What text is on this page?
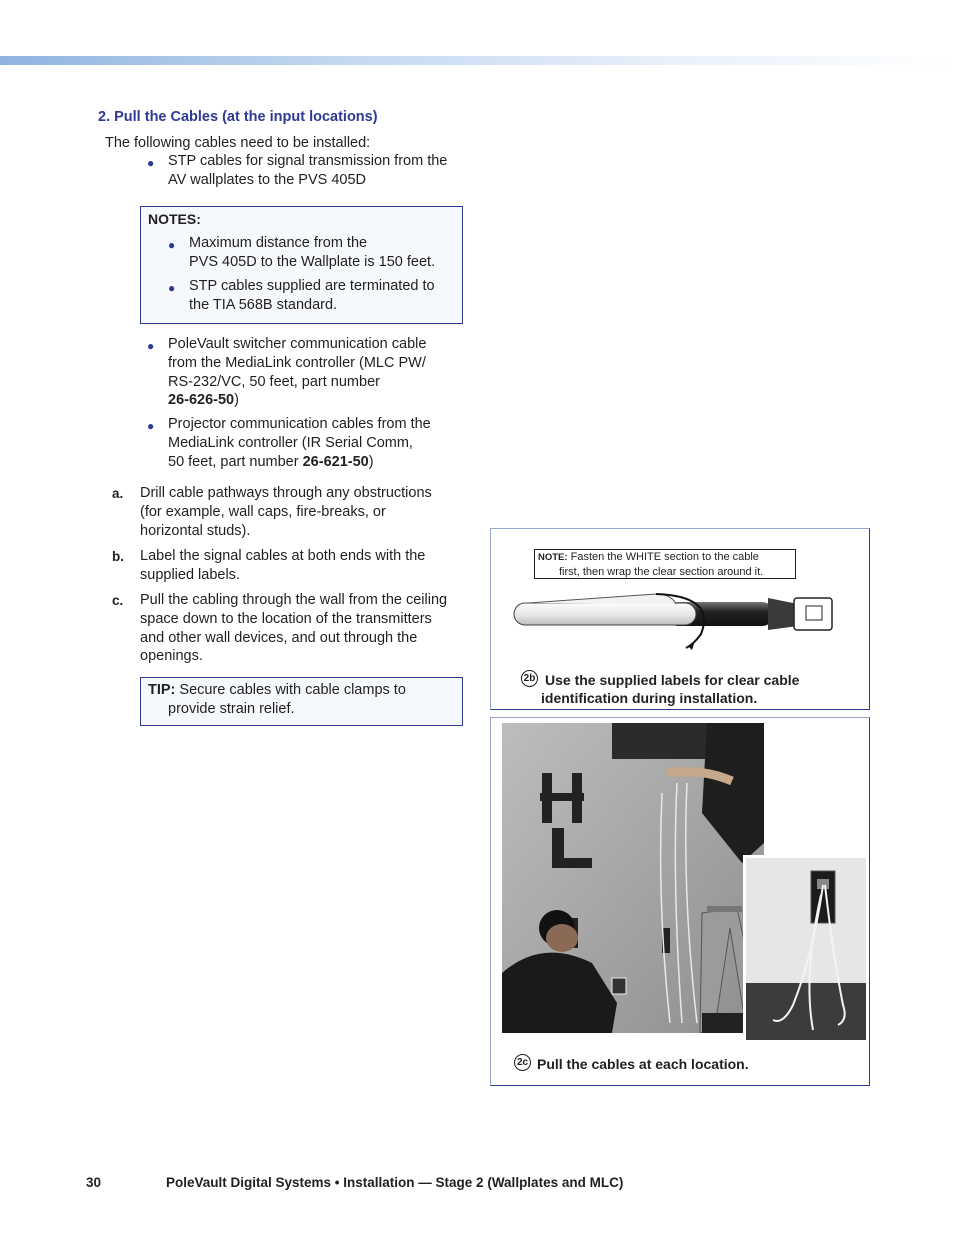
2. Pull the Cables (at the input locations)
The following cables need to be installed:
● STP cables for signal transmission from the
AV wallplates to the PVS 405D
NOTES:
● Maximum distance from the
PVS 405D to the Wallplate is 150 feet.
● STP cables supplied are terminated to
the TIA 568B standard.
● PoleVault switcher communication cable
from the MediaLink controller (MLC PW/
RS-232/VC, 50 feet, part number
26-626-50)
● Projector communication cables from the
MediaLink controller (IR Serial Comm,
50 feet, part number 26-621-50)
a. Drill cable pathways through any obstructions
(for example, wall caps, fire-breaks, or
horizontal studs).
b. Label the signal cables at both ends with the
supplied labels.
c. Pull the cabling through the wall from the ceiling
space down to the location of the transmitters
and other wall devices, and out through the
openings.
TIP: Secure cables with cable clamps to
provide strain relief.
NOTE: Fasten the WHITE section to the cable
first, then wrap the clear section around it.
2b Use the supplied labels for clear cable
identification during installation.
2c Pull the cables at each location.
30	PoleVault Digital Systems • Installation — Stage 2 (Wallplates and MLC)
